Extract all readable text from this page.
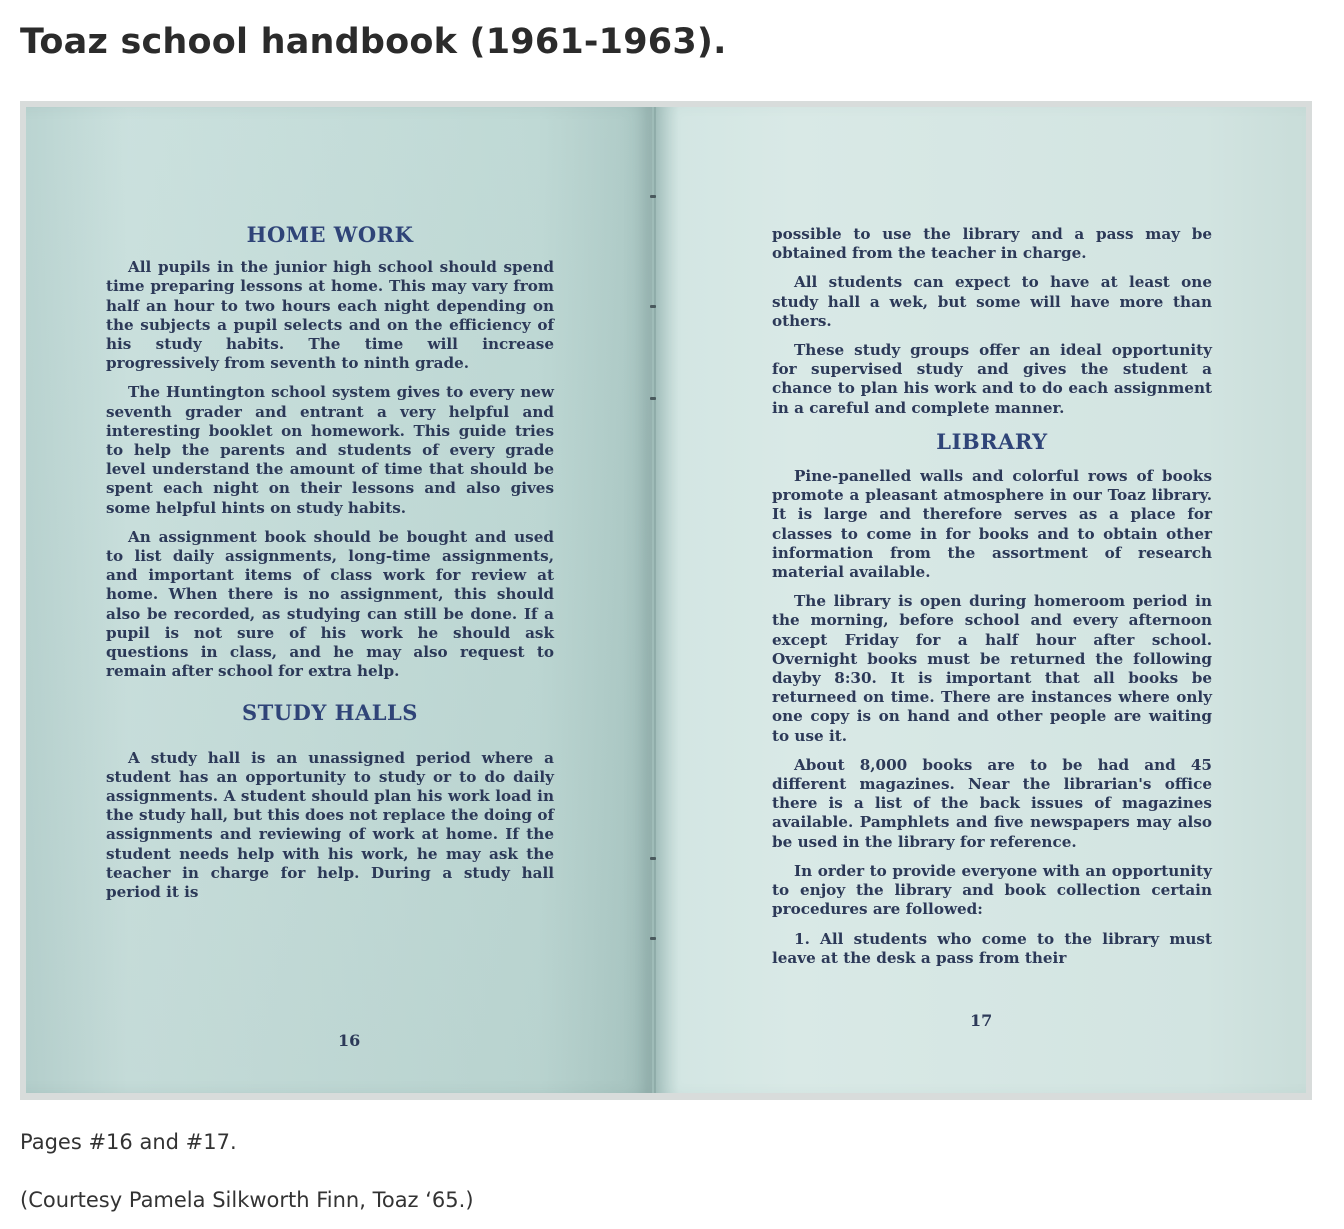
Toaz school handbook (1961-1963).
HOME WORK

All pupils in the junior high school should spend time preparing lessons at home. This may vary from half an hour to two hours each night depending on the subjects a pupil selects and on the efficiency of his study habits. The time will increase progressively from seventh to ninth grade.

The Huntington school system gives to every new seventh grader and entrant a very helpful and interesting booklet on homework. This guide tries to help the parents and students of every grade level understand the amount of time that should be spent each night on their lessons and also gives some helpful hints on study habits.

An assignment book should be bought and used to list daily assignments, long-time assignments, and important items of class work for review at home. When there is no assignment, this should also be recorded, as studying can still be done. If a pupil is not sure of his work he should ask questions in class, and he may also request to remain after school for extra help.

STUDY HALLS

A study hall is an unassigned period where a student has an opportunity to study or to do daily assignments. A student should plan his work load in the study hall, but this does not replace the doing of assignments and reviewing of work at home. If the student needs help with his work, he may ask the teacher in charge for help. During a study hall period it is

16

possible to use the library and a pass may be obtained from the teacher in charge.

All students can expect to have at least one study hall a wek, but some will have more than others.

These study groups offer an ideal opportunity for supervised study and gives the student a chance to plan his work and to do each assignment in a careful and complete manner.

LIBRARY

Pine-panelled walls and colorful rows of books promote a pleasant atmosphere in our Toaz library. It is large and therefore serves as a place for classes to come in for books and to obtain other information from the assortment of research material available.

The library is open during homeroom period in the morning, before school and every afternoon except Friday for a half hour after school. Overnight books must be returned the following dayby 8:30. It is important that all books be returneed on time. There are instances where only one copy is on hand and other people are waiting to use it.

About 8,000 books are to be had and 45 different magazines. Near the librarian's office there is a list of the back issues of magazines available. Pamphlets and five newspapers may also be used in the library for reference.

In order to provide everyone with an opportunity to enjoy the library and book collection certain procedures are followed:

1. All students who come to the library must leave at the desk a pass from their

17

Pages #16 and #17.

(Courtesy Pamela Silkworth Finn, Toaz ‘65.)
